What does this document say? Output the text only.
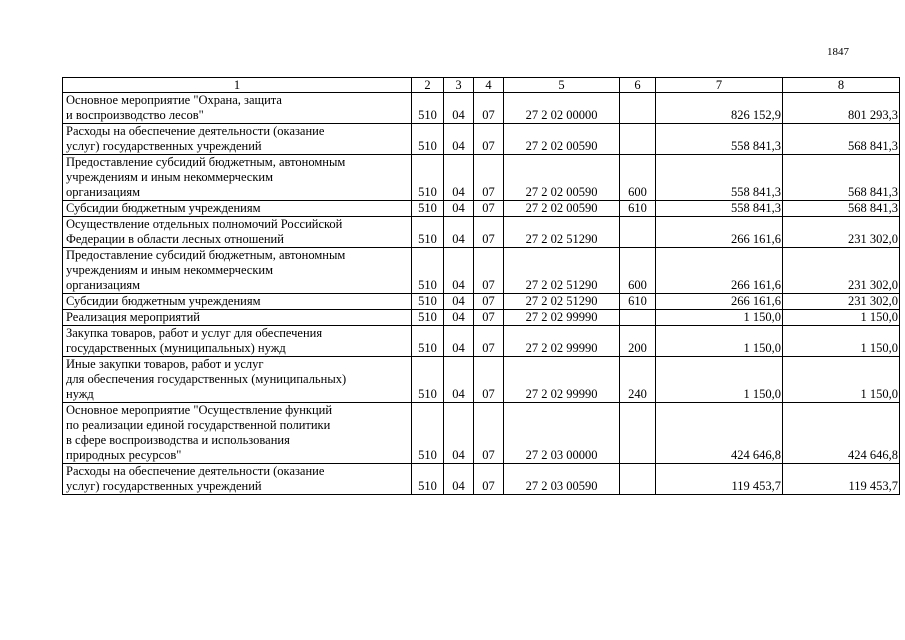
1847
1	2	3	4	5	6	7	8
Основное мероприятие "Охрана, защита
и воспроизводство лесов"	510	04	07	27 2 02 00000		826 152,9	801 293,3
Расходы на обеспечение деятельности (оказание
услуг) государственных учреждений	510	04	07	27 2 02 00590		558 841,3	568 841,3
Предоставление субсидий бюджетным, автономным
учреждениям и иным некоммерческим
организациям	510	04	07	27 2 02 00590	600	558 841,3	568 841,3
Субсидии бюджетным учреждениям	510	04	07	27 2 02 00590	610	558 841,3	568 841,3
Осуществление отдельных полномочий Российской
Федерации в области лесных отношений	510	04	07	27 2 02 51290		266 161,6	231 302,0
Предоставление субсидий бюджетным, автономным
учреждениям и иным некоммерческим
организациям	510	04	07	27 2 02 51290	600	266 161,6	231 302,0
Субсидии бюджетным учреждениям	510	04	07	27 2 02 51290	610	266 161,6	231 302,0
Реализация мероприятий	510	04	07	27 2 02 99990		1 150,0	1 150,0
Закупка товаров, работ и услуг для обеспечения
государственных (муниципальных) нужд	510	04	07	27 2 02 99990	200	1 150,0	1 150,0
Иные закупки товаров, работ и услуг
для обеспечения государственных (муниципальных)
нужд	510	04	07	27 2 02 99990	240	1 150,0	1 150,0
Основное мероприятие "Осуществление функций
по реализации единой государственной политики
в сфере воспроизводства и использования
природных ресурсов"	510	04	07	27 2 03 00000		424 646,8	424 646,8
Расходы на обеспечение деятельности (оказание
услуг) государственных учреждений	510	04	07	27 2 03 00590		119 453,7	119 453,7
